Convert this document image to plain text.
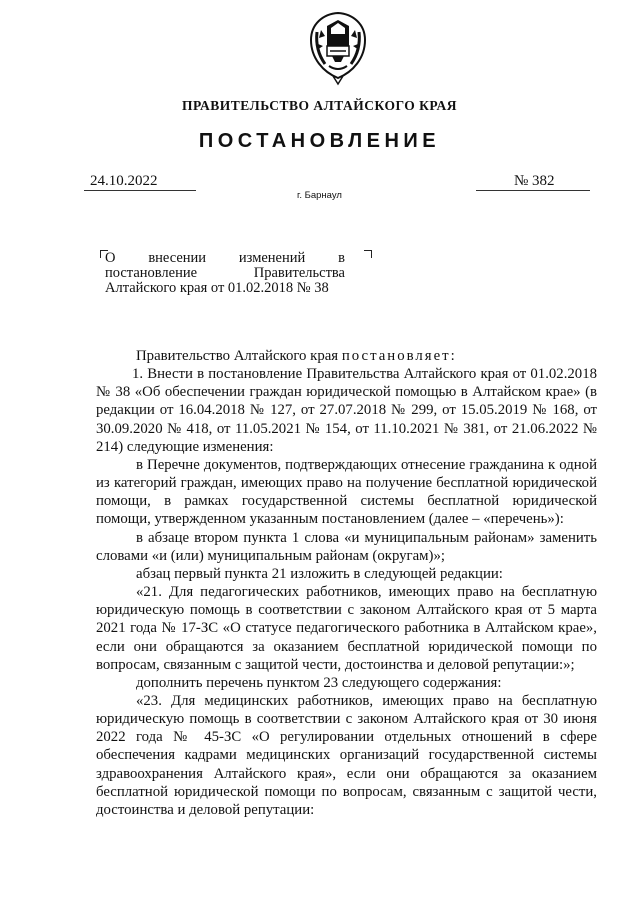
ПРАВИТЕЛЬСТВО АЛТАЙСКОГО КРАЯ
ПОСТАНОВЛЕНИЕ
24.10.2022	№ 382
г. Барнаул
О внесении изменений в
постановление	Правительства
Алтайского края от 01.02.2018 № 38

Правительство Алтайского края постановляет:

1. Внести в постановление Правительства Алтайского края от 01.02.2018 № 38 «Об обеспечении граждан юридической помощью в Алтайском крае» (в редакции от 16.04.2018 № 127, от 27.07.2018 № 299, от 15.05.2019 № 168, от 30.09.2020 № 418, от 11.05.2021 № 154, от 11.10.2021 № 381, от 21.06.2022 № 214) следующие изменения:

в Перечне документов, подтверждающих отнесение гражданина к одной из категорий граждан, имеющих право на получение бесплатной юридической помощи, в рамках государственной системы бесплатной юридической помощи, утвержденном указанным постановлением (далее – «перечень»):

в абзаце втором пункта 1 слова «и муниципальным районам» заменить словами «и (или) муниципальным районам (округам)»;

абзац первый пункта 21 изложить в следующей редакции:

«21. Для педагогических работников, имеющих право на бесплатную юридическую помощь в соответствии с законом Алтайского края от 5 марта 2021 года № 17-ЗС «О статусе педагогического работника в Алтайском крае», если они обращаются за оказанием бесплатной юридической помощи по вопросам, связанным с защитой чести, достоинства и деловой репутации:»;

дополнить перечень пунктом 23 следующего содержания:

«23. Для медицинских работников, имеющих право на бесплатную юридическую помощь в соответствии с законом Алтайского края от 30 июня 2022 года № 45-ЗС «О регулировании отдельных отношений в сфере обеспечения кадрами медицинских организаций государственной системы здравоохранения Алтайского края», если они обращаются за оказанием бесплатной юридической помощи по вопросам, связанным с защитой чести, достоинства и деловой репутации:
